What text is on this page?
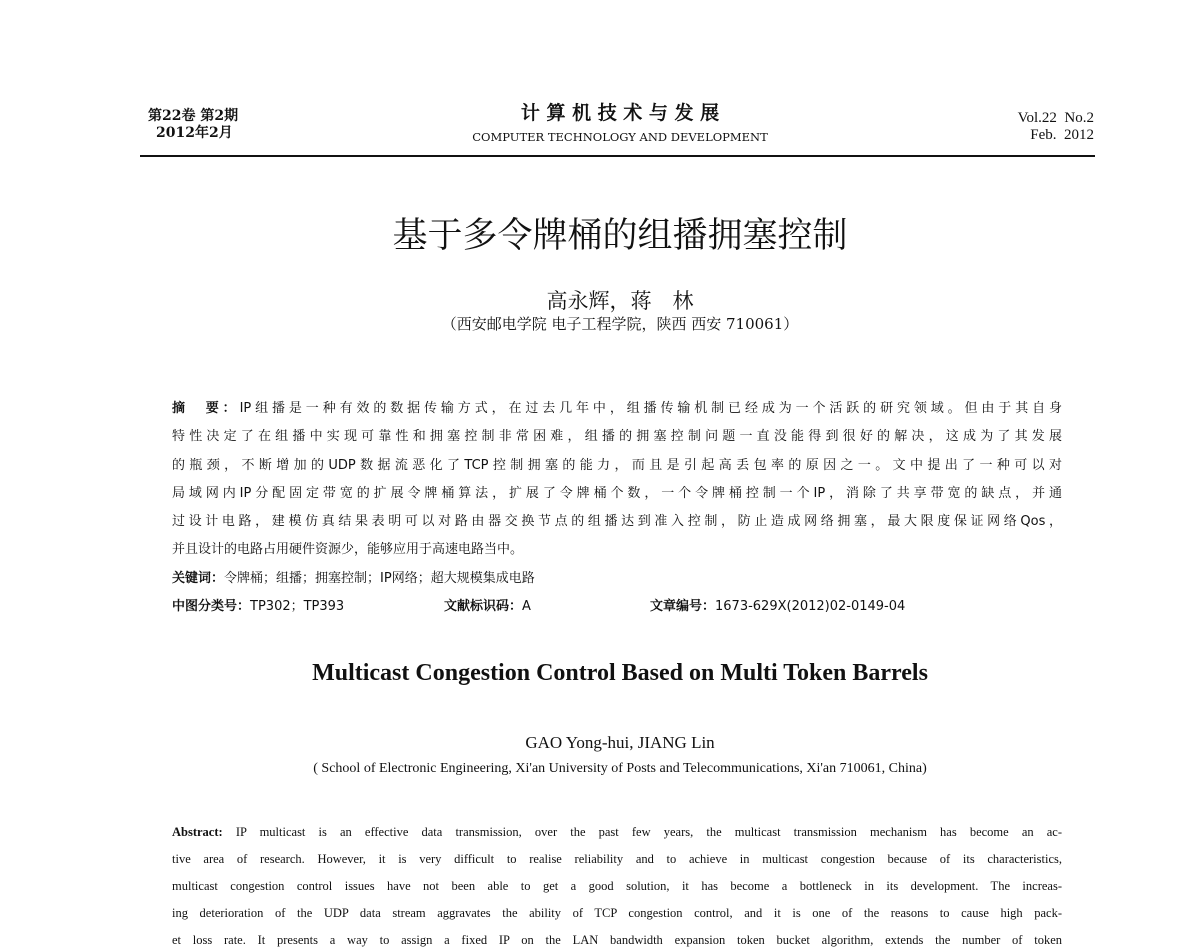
第22卷 第2期
2012年2月
计 算 机 技 术 与 发 展
COMPUTER TECHNOLOGY AND DEVELOPMENT
Vol.22  No.2
Feb.  2012
基于多令牌桶的组播拥塞控制
高永辉，蒋　林
（西安邮电学院 电子工程学院，陕西 西安 710061）
摘　要：IP组播是一种有效的数据传输方式，在过去几年中，组播传输机制已经成为一个活跃的研究领域。但由于其自身
特性决定了在组播中实现可靠性和拥塞控制非常困难，组播的拥塞控制问题一直没能得到很好的解决，这成为了其发展
的瓶颈，不断增加的UDP数据流恶化了TCP控制拥塞的能力，而且是引起高丢包率的原因之一。文中提出了一种可以对
局域网内IP分配固定带宽的扩展令牌桶算法，扩展了令牌桶个数，一个令牌桶控制一个IP，消除了共享带宽的缺点，并通
过设计电路，建模仿真结果表明可以对路由器交换节点的组播达到准入控制，防止造成网络拥塞，最大限度保证网络Qos，
并且设计的电路占用硬件资源少，能够应用于高速电路当中。
关键词：令牌桶；组播；拥塞控制；IP网络；超大规模集成电路
中图分类号：TP302；TP393	文献标识码：A	文章编号：1673-629X(2012)02-0149-04
Multicast Congestion Control Based on Multi Token Barrels
GAO Yong-hui, JIANG Lin
( School of Electronic Engineering, Xi'an University of Posts and Telecommunications, Xi'an 710061, China)
Abstract: IP multicast is an effective data transmission, over the past few years, the multicast transmission mechanism has become an ac-
tive area of research. However, it is very difficult to realise reliability and to achieve in multicast congestion because of its characteristics,
multicast congestion control issues have not been able to get a good solution, it has become a bottleneck in its development. The increas-
ing deterioration of the UDP data stream aggravates the ability of TCP congestion control, and it is one of the reasons to cause high pack-
et loss rate. It presents a way to assign a fixed IP on the LAN bandwidth expansion token bucket algorithm, extends the number of token
